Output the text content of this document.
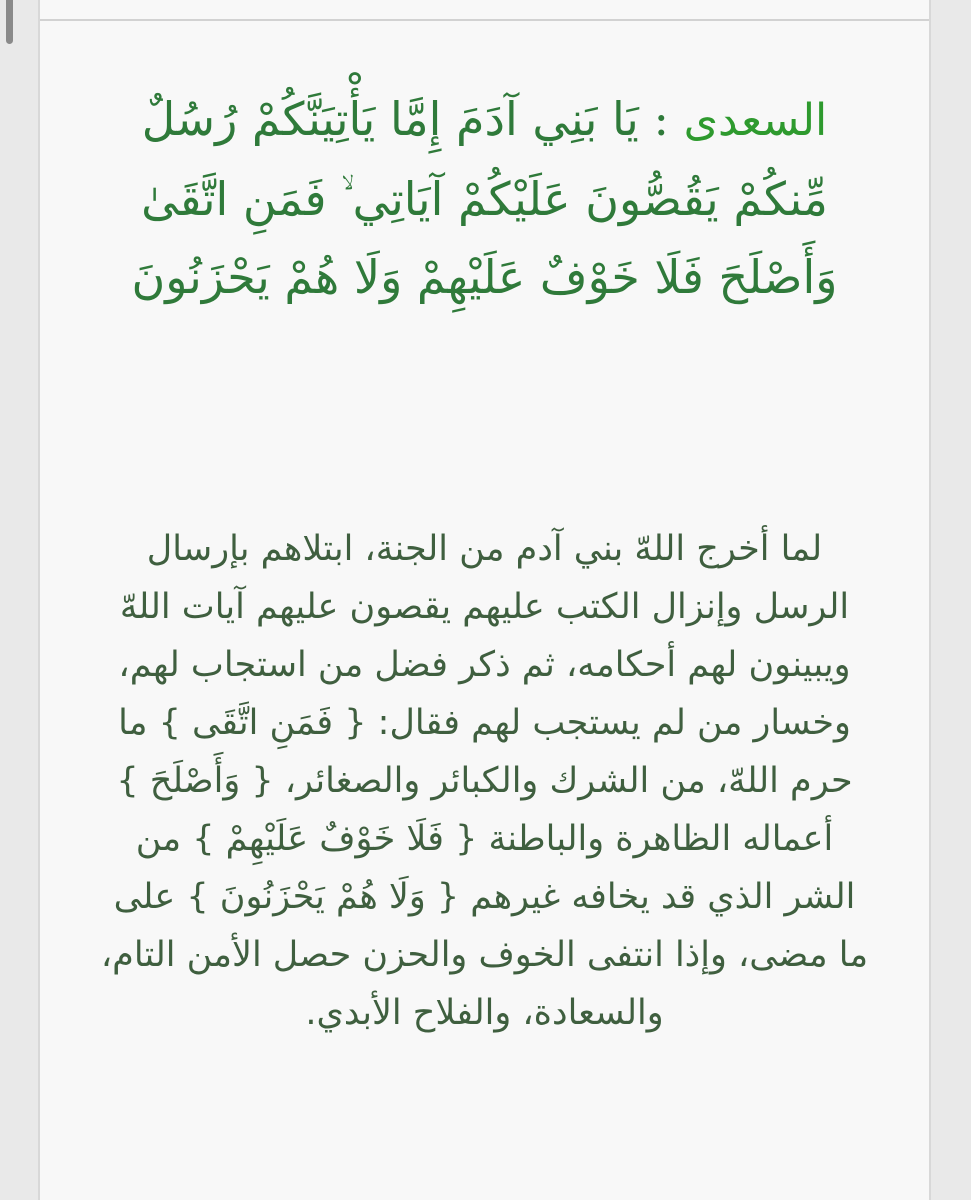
السعدى : يَا بَنِي آدَمَ إِمَّا يَأْتِيَنَّكُمْ رُسُلٌ مِّنكُمْ يَقُصُّونَ عَلَيْكُمْ آيَاتِي ۙ فَمَنِ اتَّقَىٰ وَأَصْلَحَ فَلَا خَوْفٌ عَلَيْهِمْ وَلَا هُمْ يَحْزَنُونَ
لما أخرج اللهّ بني آدم من الجنة، ابتلاهم بإرسال الرسل وإنزال الكتب عليهم يقصون عليهم آيات اللهّ ويبينون لهم أحكامه، ثم ذكر فضل من استجاب لهم، وخسار من لم يستجب لهم فقال: { فَمَنِ اتَّقَى } ما حرم اللهّ، من الشرك والكبائر والصغائر، { وَأَصْلَحَ } أعماله الظاهرة والباطنة { فَلَا خَوْفٌ عَلَيْهِمْ } من الشر الذي قد يخافه غيرهم { وَلَا هُمْ يَحْزَنُونَ } على ما مضى، وإذا انتفى الخوف والحزن حصل الأمن التام، والسعادة، والفلاح الأبدي.
